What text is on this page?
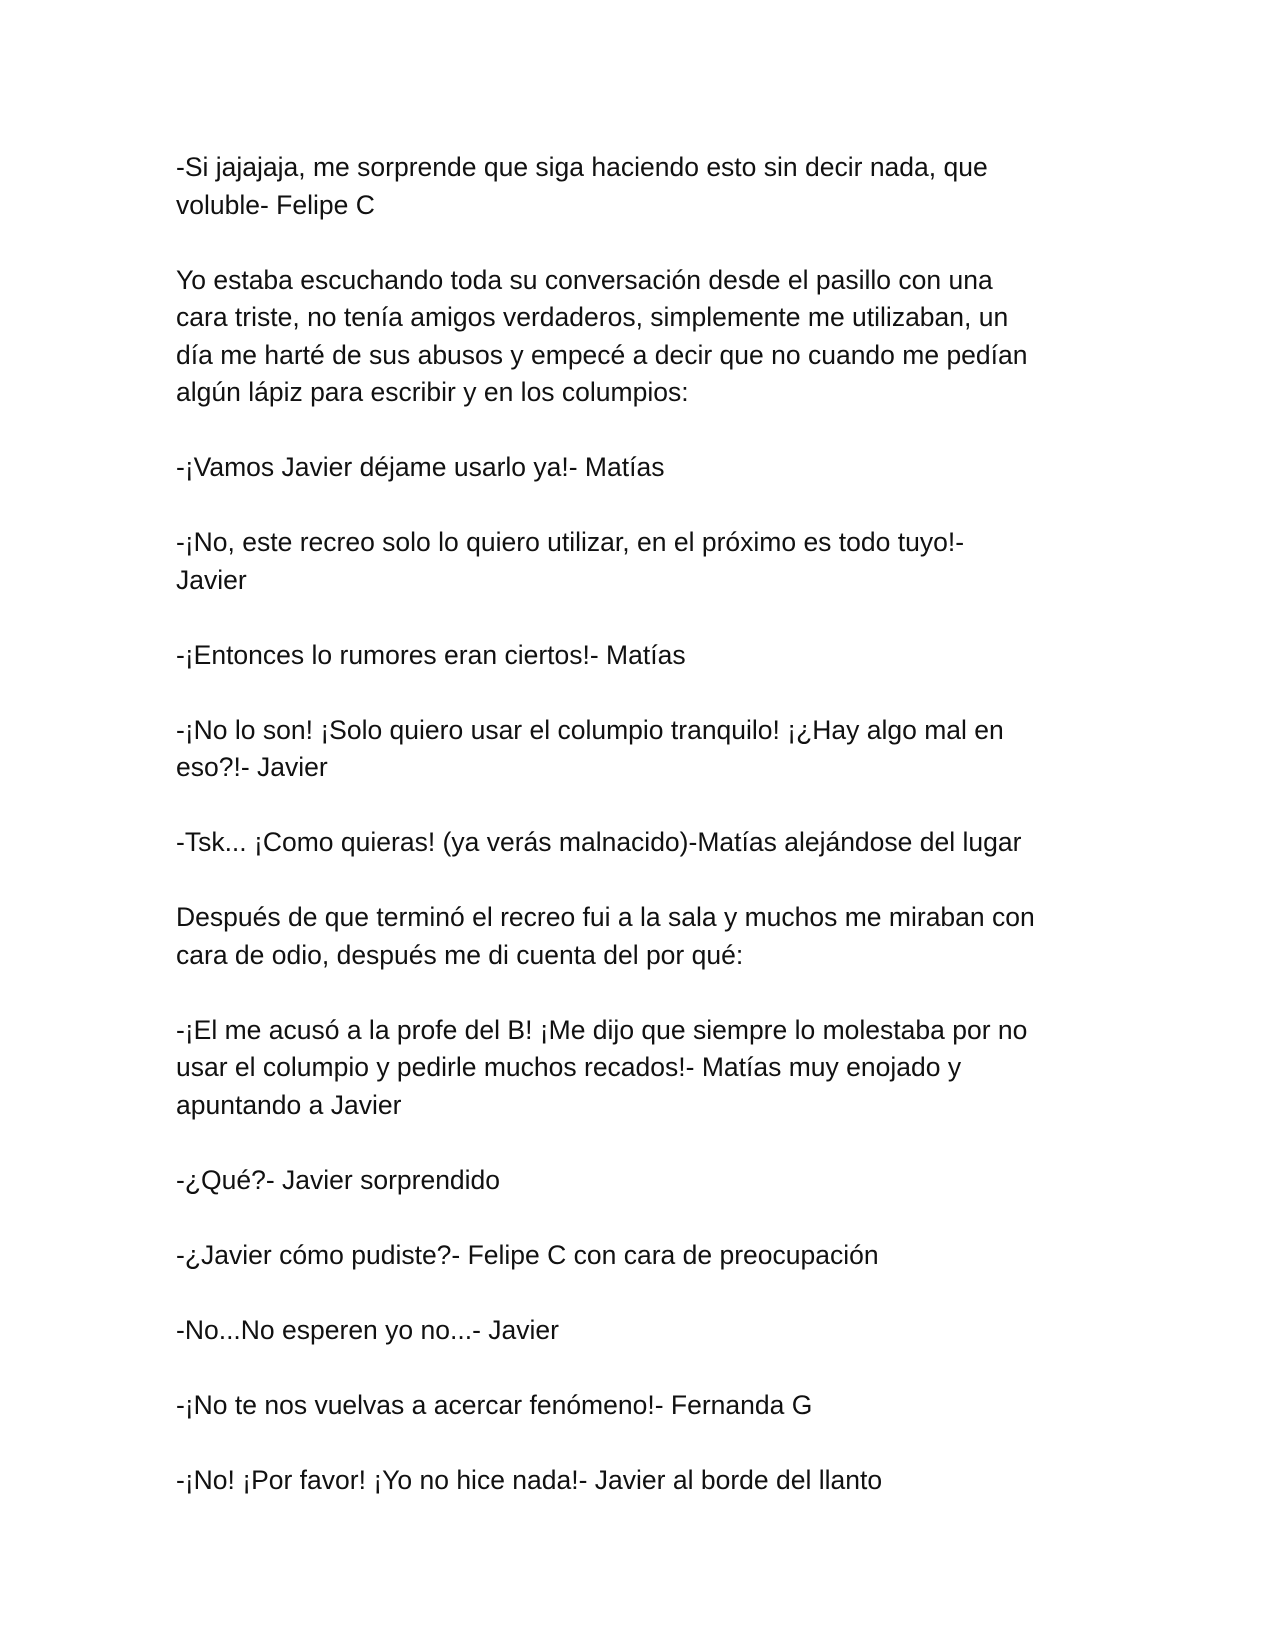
-Si jajajaja, me sorprende que siga haciendo esto sin decir nada, que
voluble- Felipe C

Yo estaba escuchando toda su conversación desde el pasillo con una
cara triste, no tenía amigos verdaderos, simplemente me utilizaban, un
día me harté de sus abusos y empecé a decir que no cuando me pedían
algún lápiz para escribir y en los columpios:

-¡Vamos Javier déjame usarlo ya!- Matías

-¡No, este recreo solo lo quiero utilizar, en el próximo es todo tuyo!-
Javier

-¡Entonces lo rumores eran ciertos!- Matías

-¡No lo son! ¡Solo quiero usar el columpio tranquilo! ¡¿Hay algo mal en
eso?!- Javier

-Tsk... ¡Como quieras! (ya verás malnacido)-Matías alejándose del lugar

Después de que terminó el recreo fui a la sala y muchos me miraban con
cara de odio, después me di cuenta del por qué:

-¡El me acusó a la profe del B! ¡Me dijo que siempre lo molestaba por no
usar el columpio y pedirle muchos recados!- Matías muy enojado y
apuntando a Javier

-¿Qué?- Javier sorprendido

-¿Javier cómo pudiste?- Felipe C con cara de preocupación

-No...No esperen yo no...- Javier

-¡No te nos vuelvas a acercar fenómeno!- Fernanda G

-¡No! ¡Por favor! ¡Yo no hice nada!- Javier al borde del llanto
